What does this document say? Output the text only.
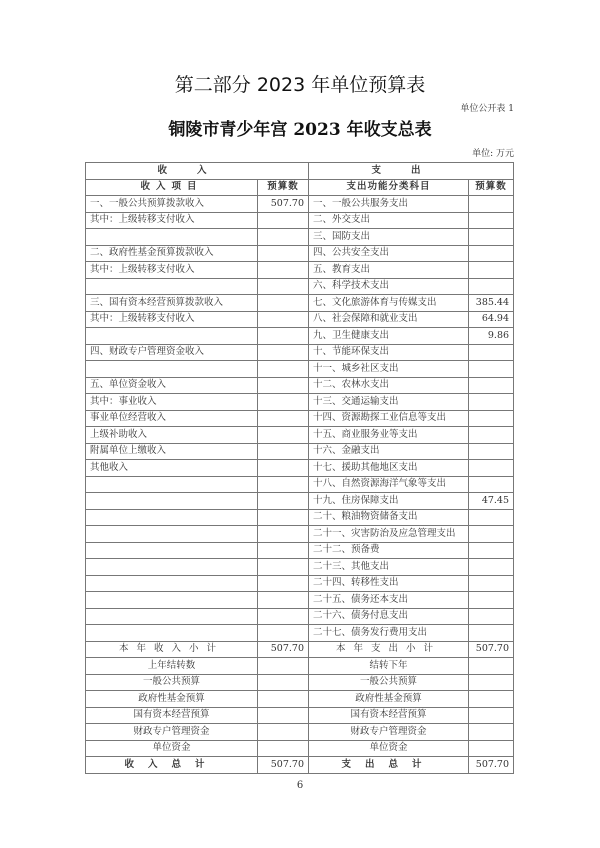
第二部分 2023 年单位预算表
单位公开表 1
铜陵市青少年宫 2023 年收支总表
单位: 万元
收入		支出	
收入项目	预算数	支出功能分类科目	预算数
一、一般公共预算拨款收入	507.70	一、一般公共服务支出	
其中：上级转移支付收入		二、外交支出	
		三、国防支出	
二、政府性基金预算拨款收入		四、公共安全支出	
其中：上级转移支付收入		五、教育支出	
		六、科学技术支出	
三、国有资本经营预算拨款收入		七、文化旅游体育与传媒支出	385.44
其中：上级转移支付收入		八、社会保障和就业支出	64.94
		九、卫生健康支出	9.86
四、财政专户管理资金收入		十、节能环保支出	
		十一、城乡社区支出	
五、单位资金收入		十二、农林水支出	
其中：事业收入		十三、交通运输支出	
事业单位经营收入		十四、资源勘探工业信息等支出	
上级补助收入		十五、商业服务业等支出	
附属单位上缴收入		十六、金融支出	
其他收入		十七、援助其他地区支出	
		十八、自然资源海洋气象等支出	
		十九、住房保障支出	47.45
		二十、粮油物资储备支出	
		二十一、灾害防治及应急管理支出	
		二十二、预备费	
		二十三、其他支出	
		二十四、转移性支出	
		二十五、债务还本支出	
		二十六、债务付息支出	
		二十七、债务发行费用支出	
本年收入小计	507.70	本年支出小计	507.70
上年结转数		结转下年	
一般公共预算		一般公共预算	
政府性基金预算		政府性基金预算	
国有资本经营预算		国有资本经营预算	
财政专户管理资金		财政专户管理资金	
单位资金		单位资金	
收入总计	507.70	支出总计	507.70
6
